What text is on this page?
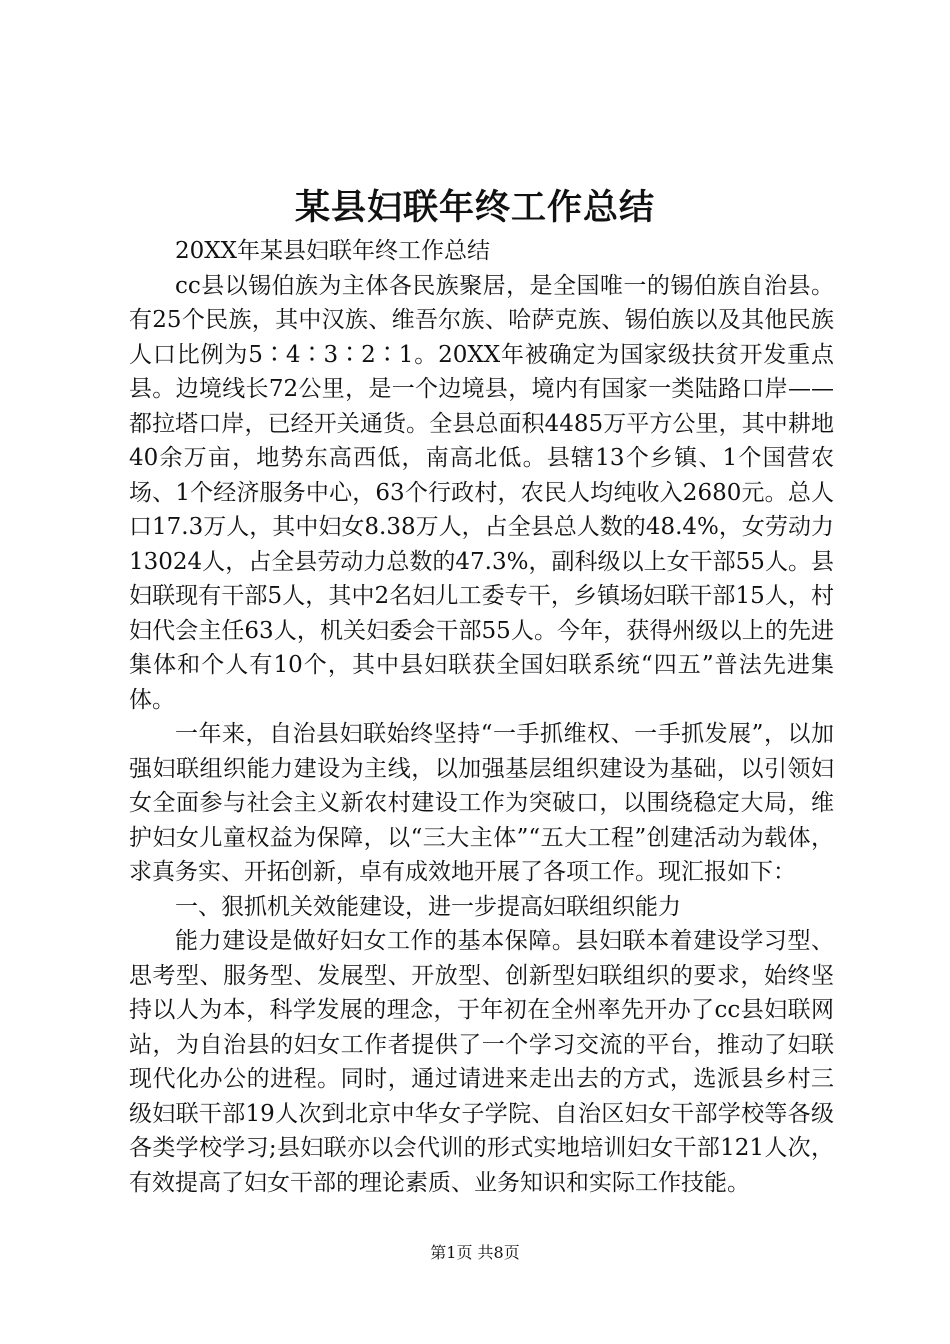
某县妇联年终工作总结

20XX年某县妇联年终工作总结

cc县以锡伯族为主体各民族聚居，是全国唯一的锡伯族自治县。有25个民族，其中汉族、维吾尔族、哈萨克族、锡伯族以及其他民族人口比例为5∶4∶3∶2∶1。20XX年被确定为国家级扶贫开发重点县。边境线长72公里，是一个边境县，境内有国家一类陆路口岸——都拉塔口岸，已经开关通货。全县总面积4485万平方公里，其中耕地40余万亩，地势东高西低，南高北低。县辖13个乡镇、1个国营农场、1个经济服务中心，63个行政村，农民人均纯收入2680元。总人口17.3万人，其中妇女8.38万人，占全县总人数的48.4%，女劳动力13024人，占全县劳动力总数的47.3%，副科级以上女干部55人。县妇联现有干部5人，其中2名妇儿工委专干，乡镇场妇联干部15人，村妇代会主任63人，机关妇委会干部55人。今年，获得州级以上的先进集体和个人有10个，其中县妇联获全国妇联系统“四五”普法先进集体。

一年来，自治县妇联始终坚持“一手抓维权、一手抓发展”，以加强妇联组织能力建设为主线，以加强基层组织建设为基础，以引领妇女全面参与社会主义新农村建设工作为突破口，以围绕稳定大局，维护妇女儿童权益为保障，以“三大主体”“五大工程”创建活动为载体，求真务实、开拓创新，卓有成效地开展了各项工作。现汇报如下：

一、狠抓机关效能建设，进一步提高妇联组织能力

能力建设是做好妇女工作的基本保障。县妇联本着建设学习型、思考型、服务型、发展型、开放型、创新型妇联组织的要求，始终坚持以人为本，科学发展的理念，于年初在全州率先开办了cc县妇联网站，为自治县的妇女工作者提供了一个学习交流的平台，推动了妇联现代化办公的进程。同时，通过请进来走出去的方式，选派县乡村三级妇联干部19人次到北京中华女子学院、自治区妇女干部学校等各级各类学校学习;县妇联亦以会代训的形式实地培训妇女干部121人次，有效提高了妇女干部的理论素质、业务知识和实际工作技能。

第1页 共8页
